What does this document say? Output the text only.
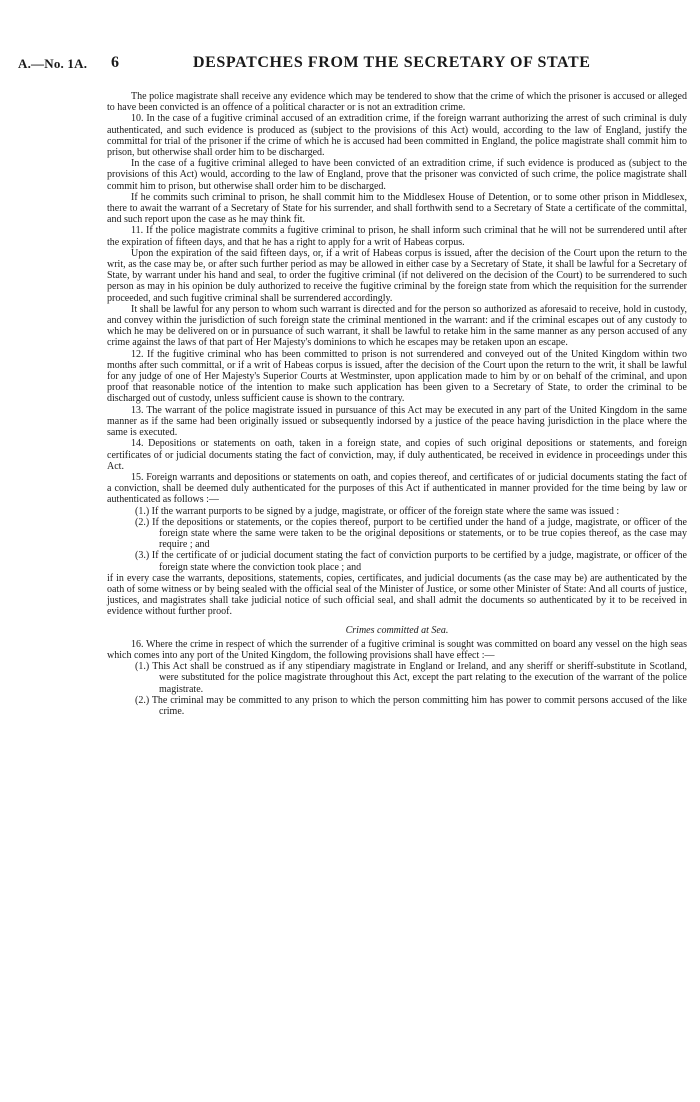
A.—No. 1A. 6	DESPATCHES FROM THE SECRETARY OF STATE

The police magistrate shall receive any evidence which may be tendered to show that the crime of which the prisoner is accused or alleged to have been convicted is an offence of a political character or is not an extradition crime.

10. In the case of a fugitive criminal accused of an extradition crime, if the foreign warrant authorizing the arrest of such criminal is duly authenticated, and such evidence is produced as (subject to the provisions of this Act) would, according to the law of England, justify the committal for trial of the prisoner if the crime of which he is accused had been committed in England, the police magistrate shall commit him to prison, but otherwise shall order him to be discharged.

In the case of a fugitive criminal alleged to have been convicted of an extradition crime, if such evidence is produced as (subject to the provisions of this Act) would, according to the law of England, prove that the prisoner was convicted of such crime, the police magistrate shall commit him to prison, but otherwise shall order him to be discharged.

If he commits such criminal to prison, he shall commit him to the Middlesex House of Detention, or to some other prison in Middlesex, there to await the warrant of a Secretary of State for his surrender, and shall forthwith send to a Secretary of State a certificate of the committal, and such report upon the case as he may think fit.

11. If the police magistrate commits a fugitive criminal to prison, he shall inform such criminal that he will not be surrendered until after the expiration of fifteen days, and that he has a right to apply for a writ of Habeas corpus.

Upon the expiration of the said fifteen days, or, if a writ of Habeas corpus is issued, after the decision of the Court upon the return to the writ, as the case may be, or after such further period as may be allowed in either case by a Secretary of State, it shall be lawful for a Secretary of State, by warrant under his hand and seal, to order the fugitive criminal (if not delivered on the decision of the Court) to be surrendered to such person as may in his opinion be duly authorized to receive the fugitive criminal by the foreign state from which the requisition for the surrender proceeded, and such fugitive criminal shall be surrendered accordingly.

It shall be lawful for any person to whom such warrant is directed and for the person so authorized as aforesaid to receive, hold in custody, and convey within the jurisdiction of such foreign state the criminal mentioned in the warrant: and if the criminal escapes out of any custody to which he may be delivered on or in pursuance of such warrant, it shall be lawful to retake him in the same manner as any person accused of any crime against the laws of that part of Her Majesty's dominions to which he escapes may be retaken upon an escape.

12. If the fugitive criminal who has been committed to prison is not surrendered and conveyed out of the United Kingdom within two months after such committal, or if a writ of Habeas corpus is issued, after the decision of the Court upon the return to the writ, it shall be lawful for any judge of one of Her Majesty's Superior Courts at Westminster, upon application made to him by or on behalf of the criminal, and upon proof that reasonable notice of the intention to make such application has been given to a Secretary of State, to order the criminal to be discharged out of custody, unless sufficient cause is shown to the contrary.

13. The warrant of the police magistrate issued in pursuance of this Act may be executed in any part of the United Kingdom in the same manner as if the same had been originally issued or subsequently indorsed by a justice of the peace having jurisdiction in the place where the same is executed.

14. Depositions or statements on oath, taken in a foreign state, and copies of such original depositions or statements, and foreign certificates of or judicial documents stating the fact of conviction, may, if duly authenticated, be received in evidence in proceedings under this Act.

15. Foreign warrants and depositions or statements on oath, and copies thereof, and certificates of or judicial documents stating the fact of a conviction, shall be deemed duly authenticated for the purposes of this Act if authenticated in manner provided for the time being by law or authenticated as follows :—

(1.) If the warrant purports to be signed by a judge, magistrate, or officer of the foreign state where the same was issued :

(2.) If the depositions or statements, or the copies thereof, purport to be certified under the hand of a judge, magistrate, or officer of the foreign state where the same were taken to be the original depositions or statements, or to be true copies thereof, as the case may require ; and

(3.) If the certificate of or judicial document stating the fact of conviction purports to be certified by a judge, magistrate, or officer of the foreign state where the conviction took place ; and

if in every case the warrants, depositions, statements, copies, certificates, and judicial documents (as the case may be) are authenticated by the oath of some witness or by being sealed with the official seal of the Minister of Justice, or some other Minister of State: And all courts of justice, justices, and magistrates shall take judicial notice of such official seal, and shall admit the documents so authenticated by it to be received in evidence without further proof.

Crimes committed at Sea.

16. Where the crime in respect of which the surrender of a fugitive criminal is sought was committed on board any vessel on the high seas which comes into any port of the United Kingdom, the following provisions shall have effect :—

(1.) This Act shall be construed as if any stipendiary magistrate in England or Ireland, and any sheriff or sheriff-substitute in Scotland, were substituted for the police magistrate throughout this Act, except the part relating to the execution of the warrant of the police magistrate.

(2.) The criminal may be committed to any prison to which the person committing him has power to commit persons accused of the like crime.
